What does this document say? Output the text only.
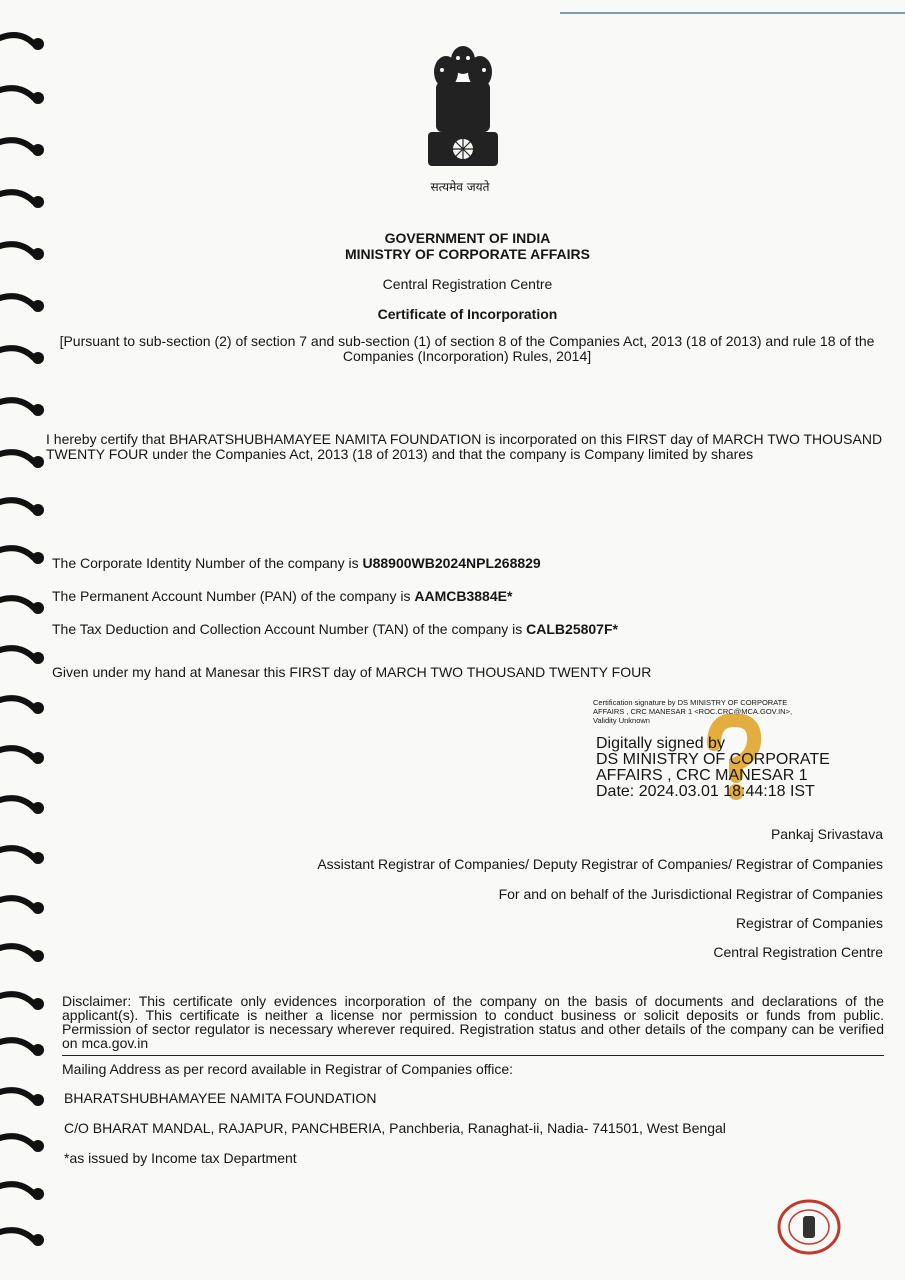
सत्यमेव जयते
GOVERNMENT OF INDIA
MINISTRY OF CORPORATE AFFAIRS
Central Registration Centre
Certificate of Incorporation
[Pursuant to sub-section (2) of section 7 and sub-section (1) of section 8 of the Companies Act, 2013 (18 of 2013) and rule 18 of the Companies (Incorporation) Rules, 2014]
I hereby certify that BHARATSHUBHAMAYEE NAMITA FOUNDATION is incorporated on this FIRST day of MARCH TWO THOUSAND TWENTY FOUR under the Companies Act, 2013 (18 of 2013) and that the company is Company limited by shares
The Corporate Identity Number of the company is U88900WB2024NPL268829
The Permanent Account Number (PAN) of the company is AAMCB3884E*
The Tax Deduction and Collection Account Number (TAN) of the company is CALB25807F*
Given under my hand at Manesar this FIRST day of MARCH TWO THOUSAND TWENTY FOUR
Certification signature by DS MINISTRY OF CORPORATE
AFFAIRS , CRC MANESAR 1 <ROC.CRC@MCA.GOV.IN>,
Validity Unknown
Digitally signed by
DS MINISTRY OF CORPORATE
AFFAIRS , CRC MANESAR 1
Date: 2024.03.01 18:44:18 IST
Pankaj Srivastava
Assistant Registrar of Companies/ Deputy Registrar of Companies/ Registrar of Companies
For and on behalf of the Jurisdictional Registrar of Companies
Registrar of Companies
Central Registration Centre
Disclaimer: This certificate only evidences incorporation of the company on the basis of documents and declarations of the applicant(s). This certificate is neither a license nor permission to conduct business or solicit deposits or funds from public. Permission of sector regulator is necessary wherever required. Registration status and other details of the company can be verified on mca.gov.in
Mailing Address as per record available in Registrar of Companies office:
BHARATSHUBHAMAYEE NAMITA FOUNDATION
C/O BHARAT MANDAL, RAJAPUR, PANCHBERIA, Panchberia, Ranaghat-ii, Nadia- 741501, West Bengal
*as issued by Income tax Department
